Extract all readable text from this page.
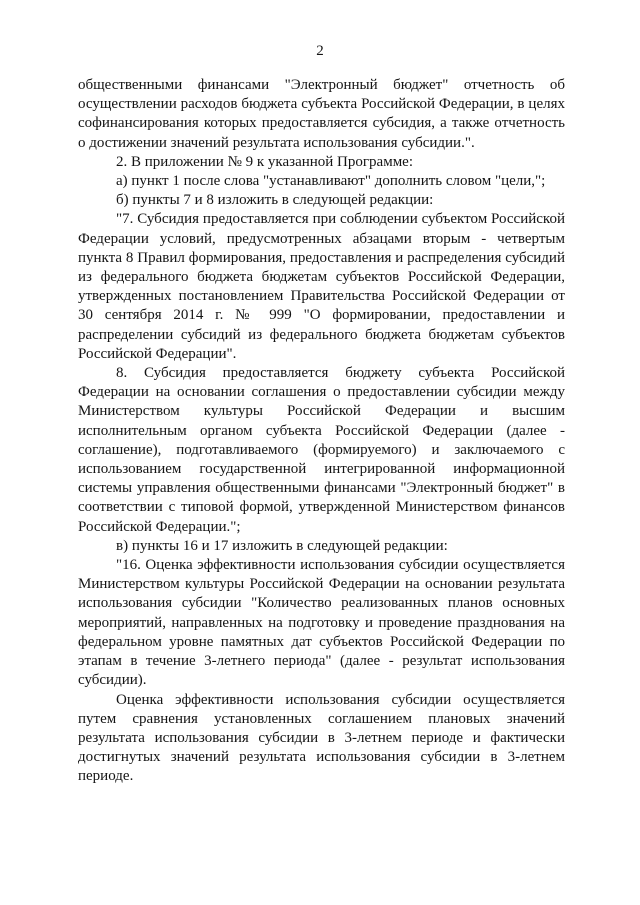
2

общественными финансами "Электронный бюджет" отчетность об осуществлении расходов бюджета субъекта Российской Федерации, в целях софинансирования которых предоставляется субсидия, а также отчетность о достижении значений результата использования субсидии.".

2. В приложении № 9 к указанной Программе:

а) пункт 1 после слова "устанавливают" дополнить словом "цели,";

б) пункты 7 и 8 изложить в следующей редакции:

"7. Субсидия предоставляется при соблюдении субъектом Российской Федерации условий, предусмотренных абзацами вторым - четвертым пункта 8 Правил формирования, предоставления и распределения субсидий из федерального бюджета бюджетам субъектов Российской Федерации, утвержденных постановлением Правительства Российской Федерации от 30 сентября 2014 г. № 999 "О формировании, предоставлении и распределении субсидий из федерального бюджета бюджетам субъектов Российской Федерации".

8. Субсидия предоставляется бюджету субъекта Российской Федерации на основании соглашения о предоставлении субсидии между Министерством культуры Российской Федерации и высшим исполнительным органом субъекта Российской Федерации (далее - соглашение), подготавливаемого (формируемого) и заключаемого с использованием государственной интегрированной информационной системы управления общественными финансами "Электронный бюджет" в соответствии с типовой формой, утвержденной Министерством финансов Российской Федерации.";

в) пункты 16 и 17 изложить в следующей редакции:

"16. Оценка эффективности использования субсидии осуществляется Министерством культуры Российской Федерации на основании результата использования субсидии "Количество реализованных планов основных мероприятий, направленных на подготовку и проведение празднования на федеральном уровне памятных дат субъектов Российской Федерации по этапам в течение 3-летнего периода" (далее - результат использования субсидии).

Оценка эффективности использования субсидии осуществляется путем сравнения установленных соглашением плановых значений результата использования субсидии в 3-летнем периоде и фактически достигнутых значений результата использования субсидии в 3-летнем периоде.
